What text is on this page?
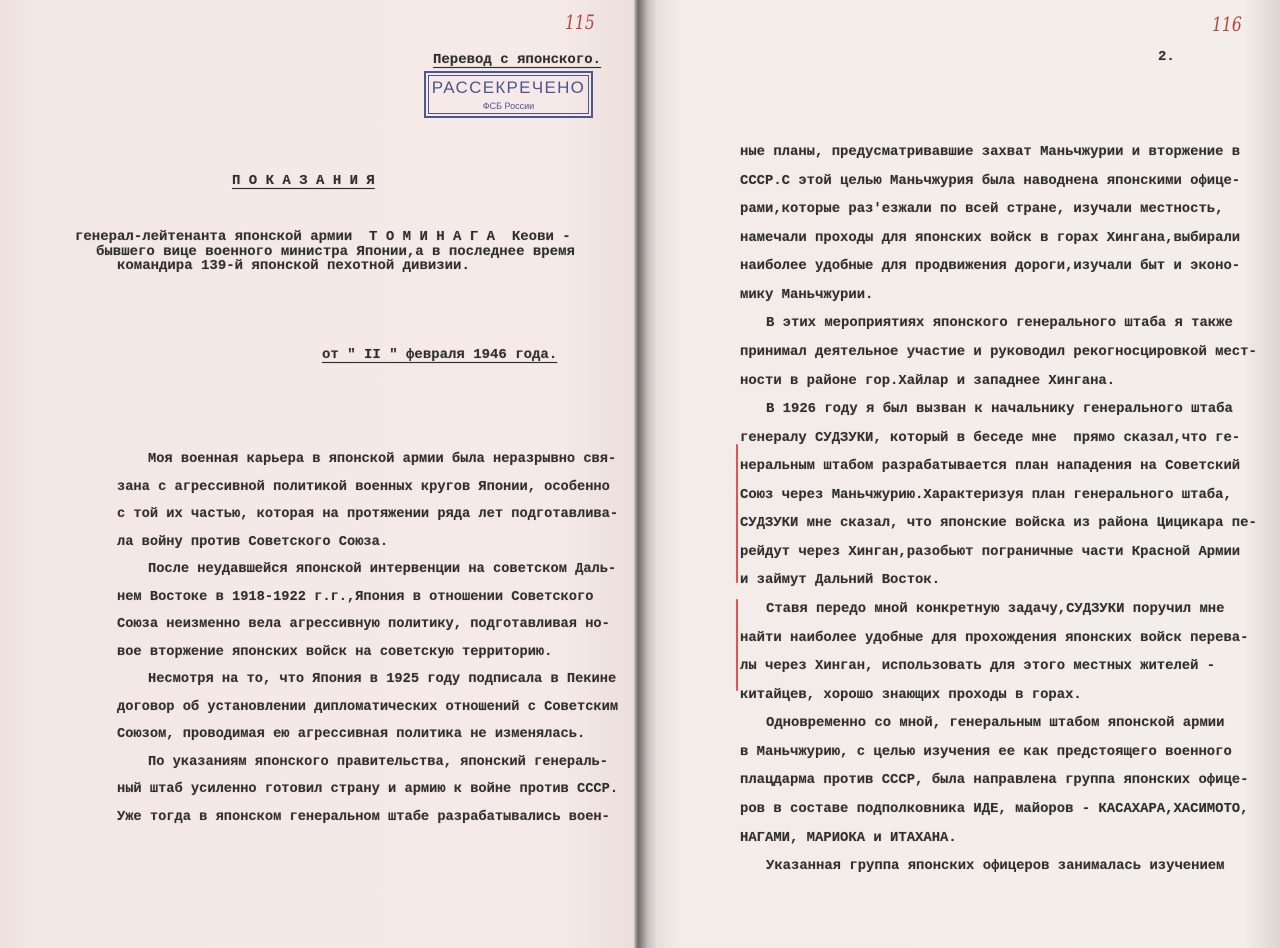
115
Перевод с японского.
РАССЕКРЕЧЕНО
ФСБ России
П О К А З А Н И Я
генерал-лейтенанта японской армии  Т О М И Н А Г А  Кеови -
бывшего вице военного министра Японии,а в последнее время
командира 139-й японской пехотной дивизии.
от " II " февраля 1946 года.
Моя военная карьера в японской армии была неразрывно свя-
зана с агрессивной политикой военных кругов Японии, особенно
с той их частью, которая на протяжении ряда лет подготавлива-
ла войну против Советского Союза.
После неудавшейся японской интервенции на советском Даль-
нем Востоке в 1918-1922 г.г.,Япония в отношении Советского
Союза неизменно вела агрессивную политику, подготавливая но-
вое вторжение японских войск на советскую территорию.
Несмотря на то, что Япония в 1925 году подписала в Пекине
договор об установлении дипломатических отношений с Советским
Союзом, проводимая ею агрессивная политика не изменялась.
По указаниям японского правительства, японский генераль-
ный штаб усиленно готовил страну и армию к войне против СССР.
Уже тогда в японском генеральном штабе разрабатывались воен-
116
2.
ные планы, предусматривавшие захват Маньчжурии и вторжение в
СССР.С этой целью Маньчжурия была наводнена японскими офице-
рами,которые раз'езжали по всей стране, изучали местность,
намечали проходы для японских войск в горах Хингана,выбирали
наиболее удобные для продвижения дороги,изучали быт и эконо-
мику Маньчжурии.
В этих мероприятиях японского генерального штаба я также
принимал деятельное участие и руководил рекогносцировкой мест-
ности в районе гор.Хайлар и западнее Хингана.
В 1926 году я был вызван к начальнику генерального штаба
генералу СУДЗУКИ, который в беседе мне  прямо сказал,что ге-
неральным штабом разрабатывается план нападения на Советский
Союз через Маньчжурию.Характеризуя план генерального штаба,
СУДЗУКИ мне сказал, что японские войска из района Цицикара пе-
рейдут через Хинган,разобьют пограничные части Красной Армии
и займут Дальний Восток.
Ставя передо мной конкретную задачу,СУДЗУКИ поручил мне
найти наиболее удобные для прохождения японских войск перева-
лы через Хинган, использовать для этого местных жителей -
китайцев, хорошо знающих проходы в горах.
Одновременно со мной, генеральным штабом японской армии
в Маньчжурию, с целью изучения ее как предстоящего военного
плацдарма против СССР, была направлена группа японских офице-
ров в составе подполковника ИДЕ, майоров - КАСАХАРА,ХАСИМОТО,
НАГАМИ, МАРИОКА и ИТАХАНА.
Указанная группа японских офицеров занималась изучением
